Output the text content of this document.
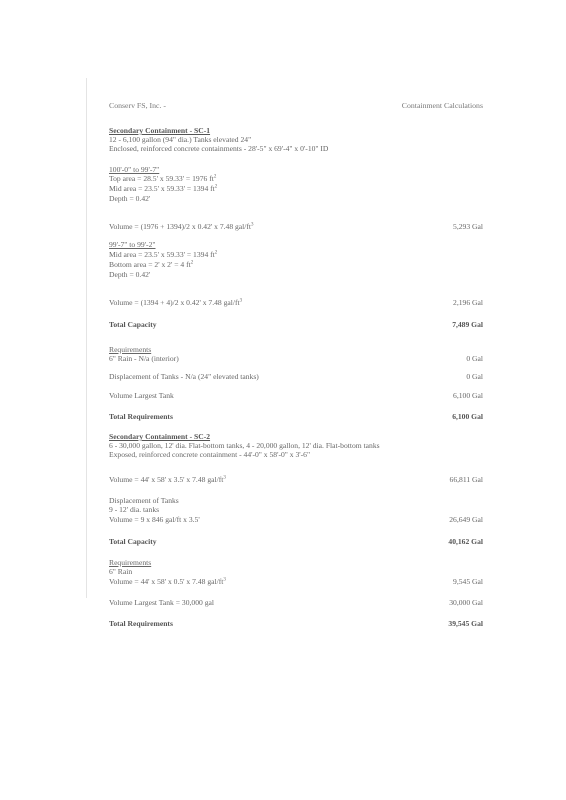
Conserv FS, Inc. -	Containment Calculations
Secondary Containment - SC-1
12 - 6,100 gallon (94" dia.) Tanks elevated 24"
Enclosed, reinforced concrete containments - 28'-5" x 69'-4" x 0'-10" ID
100'-0" to 99'-7"
Top area = 28.5' x 59.33' = 1976 $ft^2$
Mid area = 23.5' x 59.33' = 1394 $ft^2$
Depth = 0.42'
Volume = (1976 + 1394)/2 x 0.42' x 7.48 gal/$ft^3$	5,293 Gal
99'-7" to 99'-2"
Mid area = 23.5' x 59.33' = 1394 $ft^2$
Bottom area = 2' x 2' = 4 $ft^2$
Depth = 0.42'
Volume = (1394 + 4)/2 x 0.42' x 7.48 gal/$ft^3$	2,196 Gal
Total Capacity	7,489 Gal
Requirements
6" Rain - N/a (interior)	0 Gal
Displacement of Tanks - N/a (24" elevated tanks)	0 Gal
Volume Largest Tank	6,100 Gal
Total Requirements	6,100 Gal
Secondary Containment - SC-2
6 - 30,000 gallon, 12' dia. Flat-bottom tanks, 4 - 20,000 gallon, 12' dia. Flat-bottom tanks
Exposed, reinforced concrete containment - 44'-0" x 58'-0" x 3'-6"
Volume = 44' x 58' x 3.5' x 7.48 gal/$ft^3$	66,811 Gal
Displacement of Tanks
9 - 12' dia. tanks
Volume = 9 x 846 gal/ft x 3.5'	26,649 Gal
Total Capacity	40,162 Gal
Requirements
6" Rain
Volume = 44' x 58' x 0.5' x 7.48 gal/$ft^3$	9,545 Gal
Volume Largest Tank = 30,000 gal	30,000 Gal
Total Requirements	39,545 Gal
